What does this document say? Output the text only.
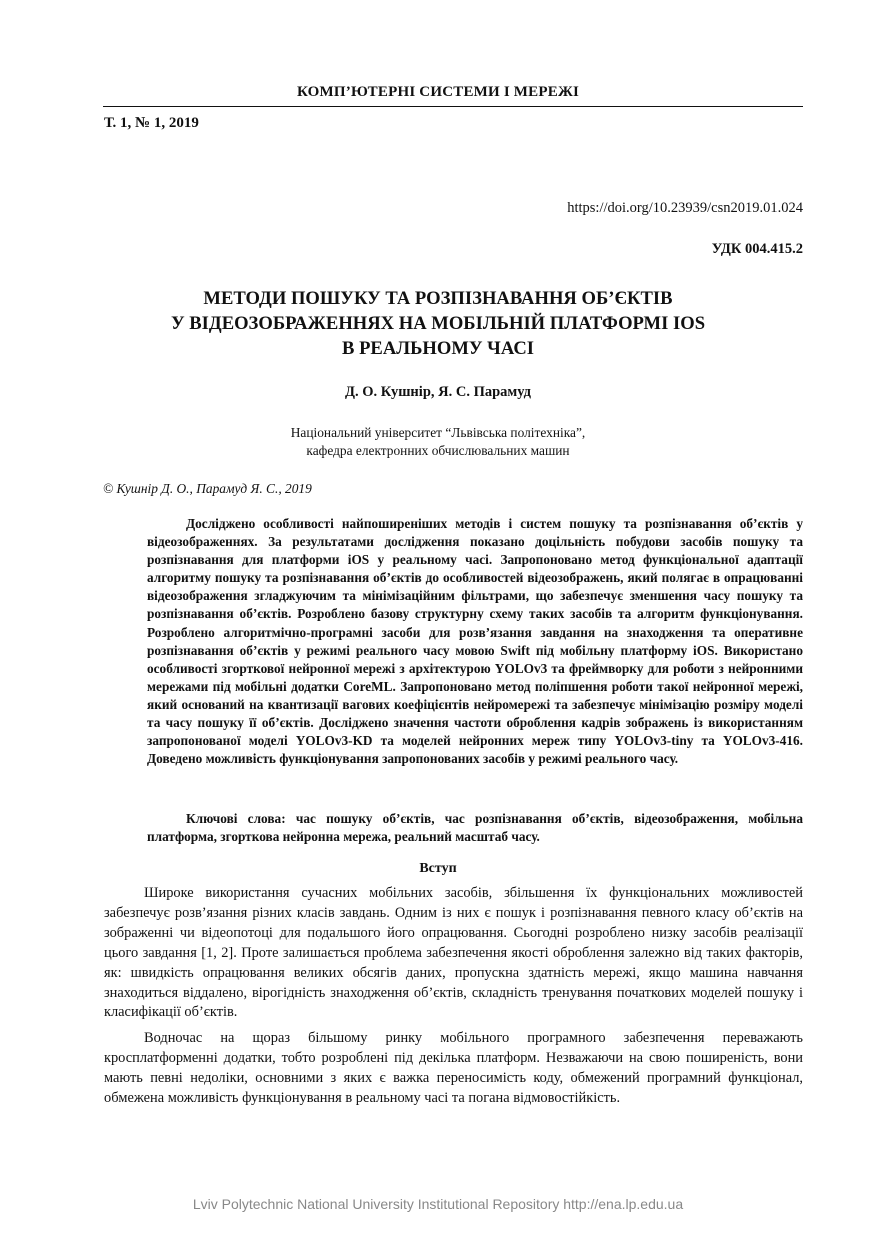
КОМП’ЮТЕРНІ СИСТЕМИ І МЕРЕЖІ
Т. 1, № 1, 2019
https://doi.org/10.23939/csn2019.01.024
УДК 004.415.2
МЕТОДИ ПОШУКУ ТА РОЗПІЗНАВАННЯ ОБ’ЄКТІВ
У ВІДЕОЗОБРАЖЕННЯХ НА МОБІЛЬНІЙ ПЛАТФОРМІ IOS
В РЕАЛЬНОМУ ЧАСІ
Д. О. Кушнір, Я. С. Парамуд
Національний університет “Львівська політехніка”,
кафедра електронних обчислювальних машин
© Кушнір Д. О., Парамуд Я. С., 2019

Досліджено особливості найпоширеніших методів і систем пошуку та розпізнавання об’єктів у відеозображеннях. За результатами дослідження показано доцільність побудови засобів пошуку та розпізнавання для платформи iOS у реальному часі. Запропоновано метод функціональної адаптації алгоритму пошуку та розпізнавання об’єктів до особливостей відеозображень, який полягає в опрацюванні відеозображення згладжуючим та мінімізаційним фільтрами, що забезпечує зменшення часу пошуку та розпізнавання об’єктів. Розроблено базову структурну схему таких засобів та алгоритм функціонування. Розроблено алгоритмічно-програмні засоби для розв’язання завдання на знаходження та оперативне розпізнавання об’єктів у режимі реального часу мовою Swift під мобільну платформу iOS. Використано особливості згорткової нейронної мережі з архітектурою YOLOv3 та фреймворку для роботи з нейронними мережами під мобільні додатки CoreML. Запропоновано метод поліпшення роботи такої нейронної мережі, який оснований на квантизації вагових коефіцієнтів нейромережі та забезпечує мінімізацію розміру моделі та часу пошуку її об’єктів. Досліджено значення частоти оброблення кадрів зображень із використанням запропонованої моделі YOLOv3-KD та моделей нейронних мереж типу YOLOv3-tiny та YOLOv3-416. Доведено можливість функціонування запропонованих засобів у режимі реального часу.

Ключові слова: час пошуку об’єктів, час розпізнавання об’єктів, відеозображення, мобільна платформа, згорткова нейронна мережа, реальний масштаб часу.

Вступ

Широке використання сучасних мобільних засобів, збільшення їх функціональних можливостей забезпечує розв’язання різних класів завдань. Одним із них є пошук і розпізнавання певного класу об’єктів на зображенні чи відеопотоці для подальшого його опрацювання. Сьогодні розроблено низку засобів реалізації цього завдання [1, 2]. Проте залишається проблема забезпечення якості оброблення залежно від таких факторів, як: швидкість опрацювання великих обсягів даних, пропускна здатність мережі, якщо машина навчання знаходиться віддалено, вірогідність знаходження об’єктів, складність тренування початкових моделей пошуку і класифікації об’єктів.

Водночас на щораз більшому ринку мобільного програмного забезпечення переважають кросплатформенні додатки, тобто розроблені під декілька платформ. Незважаючи на свою поширеність, вони мають певні недоліки, основними з яких є важка переносимість коду, обмежений програмний функціонал, обмежена можливість функціонування в реальному часі та погана відмовостійкість.

Lviv Polytechnic National University Institutional Repository http://ena.lp.edu.ua
